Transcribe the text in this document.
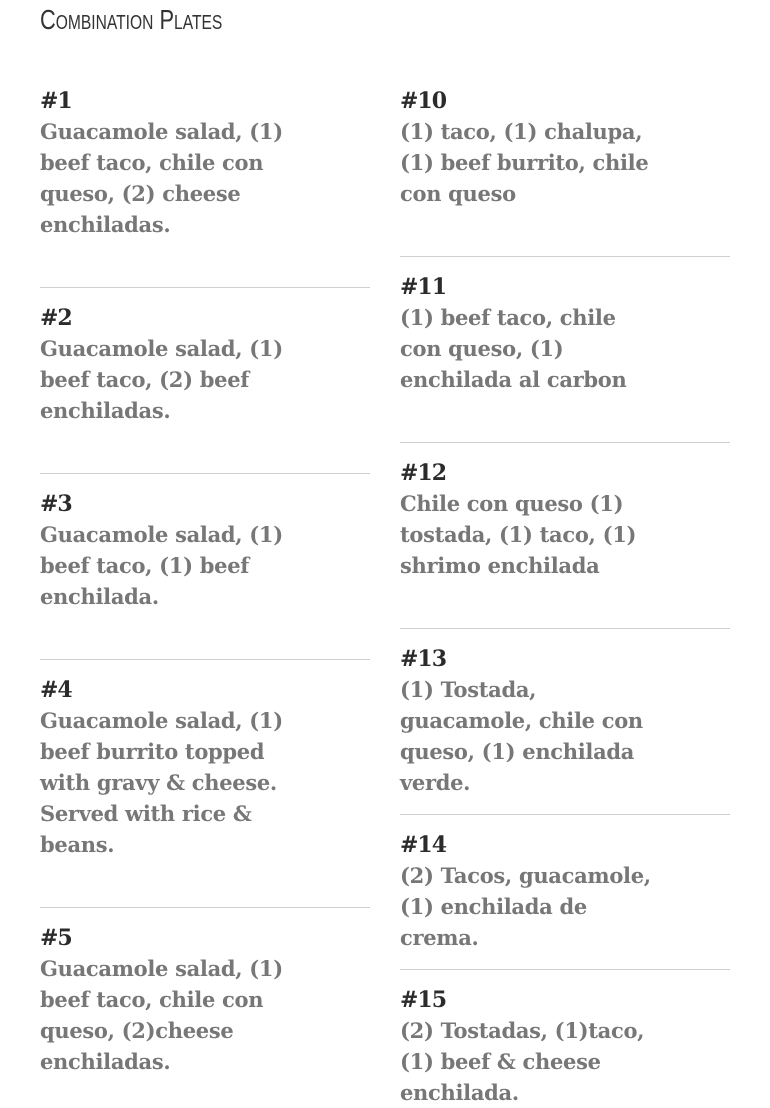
Combination Plates

#1

Guacamole salad, (1) beef taco, chile con queso, (2) cheese enchiladas.

#2

Guacamole salad, (1) beef taco, (2) beef enchiladas.

#3

Guacamole salad, (1) beef taco, (1) beef enchilada.

#4

Guacamole salad, (1) beef burrito topped with gravy & cheese. Served with rice & beans.

#5

Guacamole salad, (1) beef taco, chile con queso, (2)cheese enchiladas.

#10

(1) taco, (1) chalupa, (1) beef burrito, chile con queso

#11

(1) beef taco, chile con queso, (1) enchilada al carbon

#12

Chile con queso (1) tostada, (1) taco, (1) shrimo enchilada

#13

(1) Tostada, guacamole, chile con queso, (1) enchilada verde.

#14

(2) Tacos, guacamole, (1) enchilada de crema.

#15

(2) Tostadas, (1)taco, (1) beef & cheese enchilada.
